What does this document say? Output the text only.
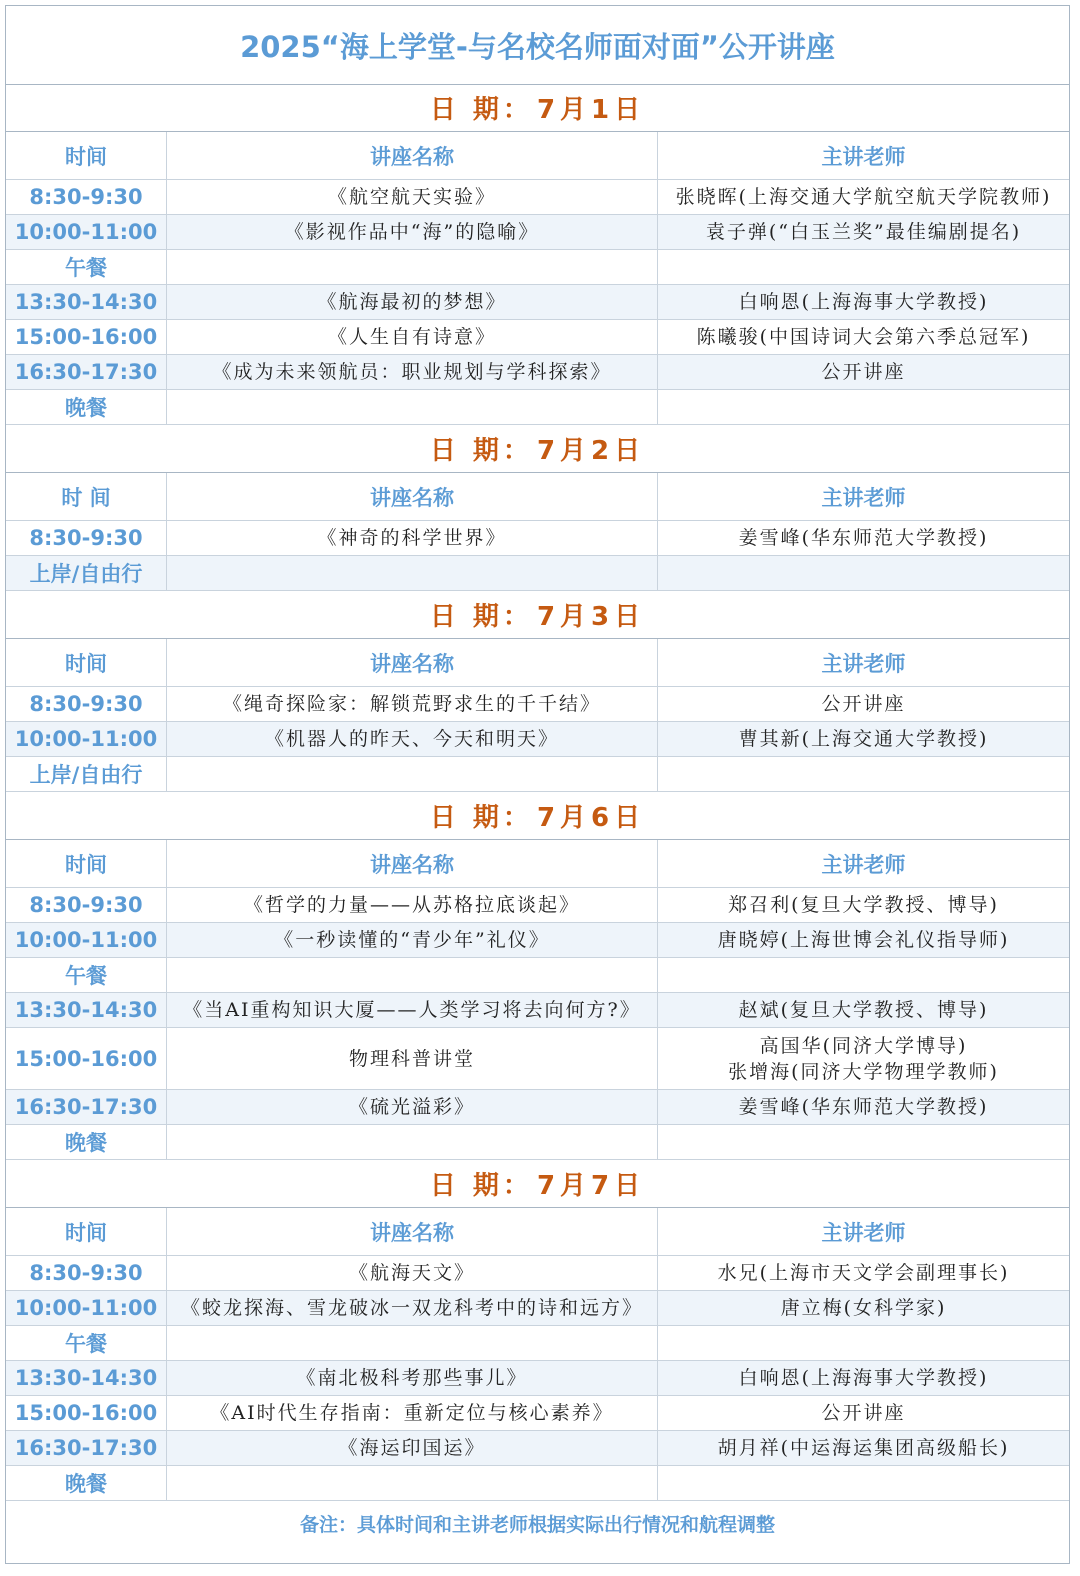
2025“海上学堂-与名校名师面对面”公开讲座
日 期： 7月1日
时间	讲座名称	主讲老师
8:30-9:30	《航空航天实验》	张晓晖(上海交通大学航空航天学院教师)
10:00-11:00	《影视作品中“海”的隐喻》	袁子弹(“白玉兰奖”最佳编剧提名)
午餐
13:30-14:30	《航海最初的梦想》	白响恩(上海海事大学教授)
15:00-16:00	《人生自有诗意》	陈曦骏(中国诗词大会第六季总冠军)
16:30-17:30	《成为未来领航员：职业规划与学科探索》	公开讲座
晚餐
日 期： 7月2日
时 间	讲座名称	主讲老师
8:30-9:30	《神奇的科学世界》	姜雪峰(华东师范大学教授)
上岸/自由行
日 期： 7月3日
时间	讲座名称	主讲老师
8:30-9:30	《绳奇探险家：解锁荒野求生的千千结》	公开讲座
10:00-11:00	《机器人的昨天、今天和明天》	曹其新(上海交通大学教授)
上岸/自由行
日 期： 7月6日
时间	讲座名称	主讲老师
8:30-9:30	《哲学的力量——从苏格拉底谈起》	郑召利(复旦大学教授、博导)
10:00-11:00	《一秒读懂的“青少年”礼仪》	唐晓婷(上海世博会礼仪指导师)
午餐
13:30-14:30	《当AI重构知识大厦——人类学习将去向何方?》	赵斌(复旦大学教授、博导)
15:00-16:00	物理科普讲堂
高国华(同济大学博导)
张增海(同济大学物理学教师)
16:30-17:30	《硫光溢彩》	姜雪峰(华东师范大学教授)
晚餐
日 期： 7月7日
时间	讲座名称	主讲老师
8:30-9:30	《航海天文》	水兄(上海市天文学会副理事长)
10:00-11:00	《蛟龙探海、雪龙破冰一双龙科考中的诗和远方》	唐立梅(女科学家)
午餐
13:30-14:30	《南北极科考那些事儿》	白响恩(上海海事大学教授)
15:00-16:00	《AI时代生存指南：重新定位与核心素养》	公开讲座
16:30-17:30	《海运印国运》	胡月祥(中运海运集团高级船长)
晚餐
备注：具体时间和主讲老师根据实际出行情况和航程调整
